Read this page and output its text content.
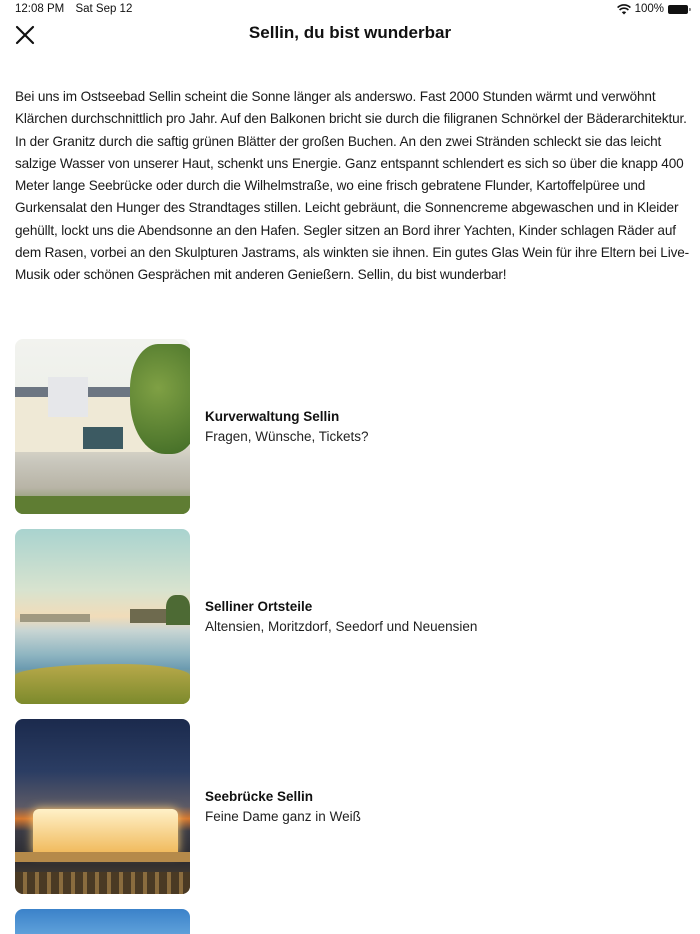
12:08 PM Sat Sep 12	100%
Sellin, du bist wunderbar

Bei uns im Ostseebad Sellin scheint die Sonne länger als anderswo. Fast 2000 Stunden wärmt und verwöhnt Klärchen durchschnittlich pro Jahr. Auf den Balkonen bricht sie durch die filigranen Schnörkel der Bäderarchitektur. In der Granitz durch die saftig grünen Blätter der großen Buchen. An den zwei Stränden schleckt sie das leicht salzige Wasser von unserer Haut, schenkt uns Energie. Ganz entspannt schlendert es sich so über die knapp 400 Meter lange Seebrücke oder durch die Wilhelmstraße, wo eine frisch gebratene Flunder, Kartoffelpüree und Gurkensalat den Hunger des Strandtages stillen. Leicht gebräunt, die Sonnencreme abgewaschen und in Kleider gehüllt, lockt uns die Abendsonne an den Hafen. Segler sitzen an Bord ihrer Yachten, Kinder schlagen Räder auf dem Rasen, vorbei an den Skulpturen Jastrams, als winkten sie ihnen. Ein gutes Glas Wein für ihre Eltern bei Live-Musik oder schönen Gesprächen mit anderen Genießern. Sellin, du bist wunderbar!

Kurverwaltung Sellin
Fragen, Wünsche, Tickets?
Selliner Ortsteile
Altensien, Moritzdorf, Seedorf und Neuensien
Seebrücke Sellin
Feine Dame ganz in Weiß
